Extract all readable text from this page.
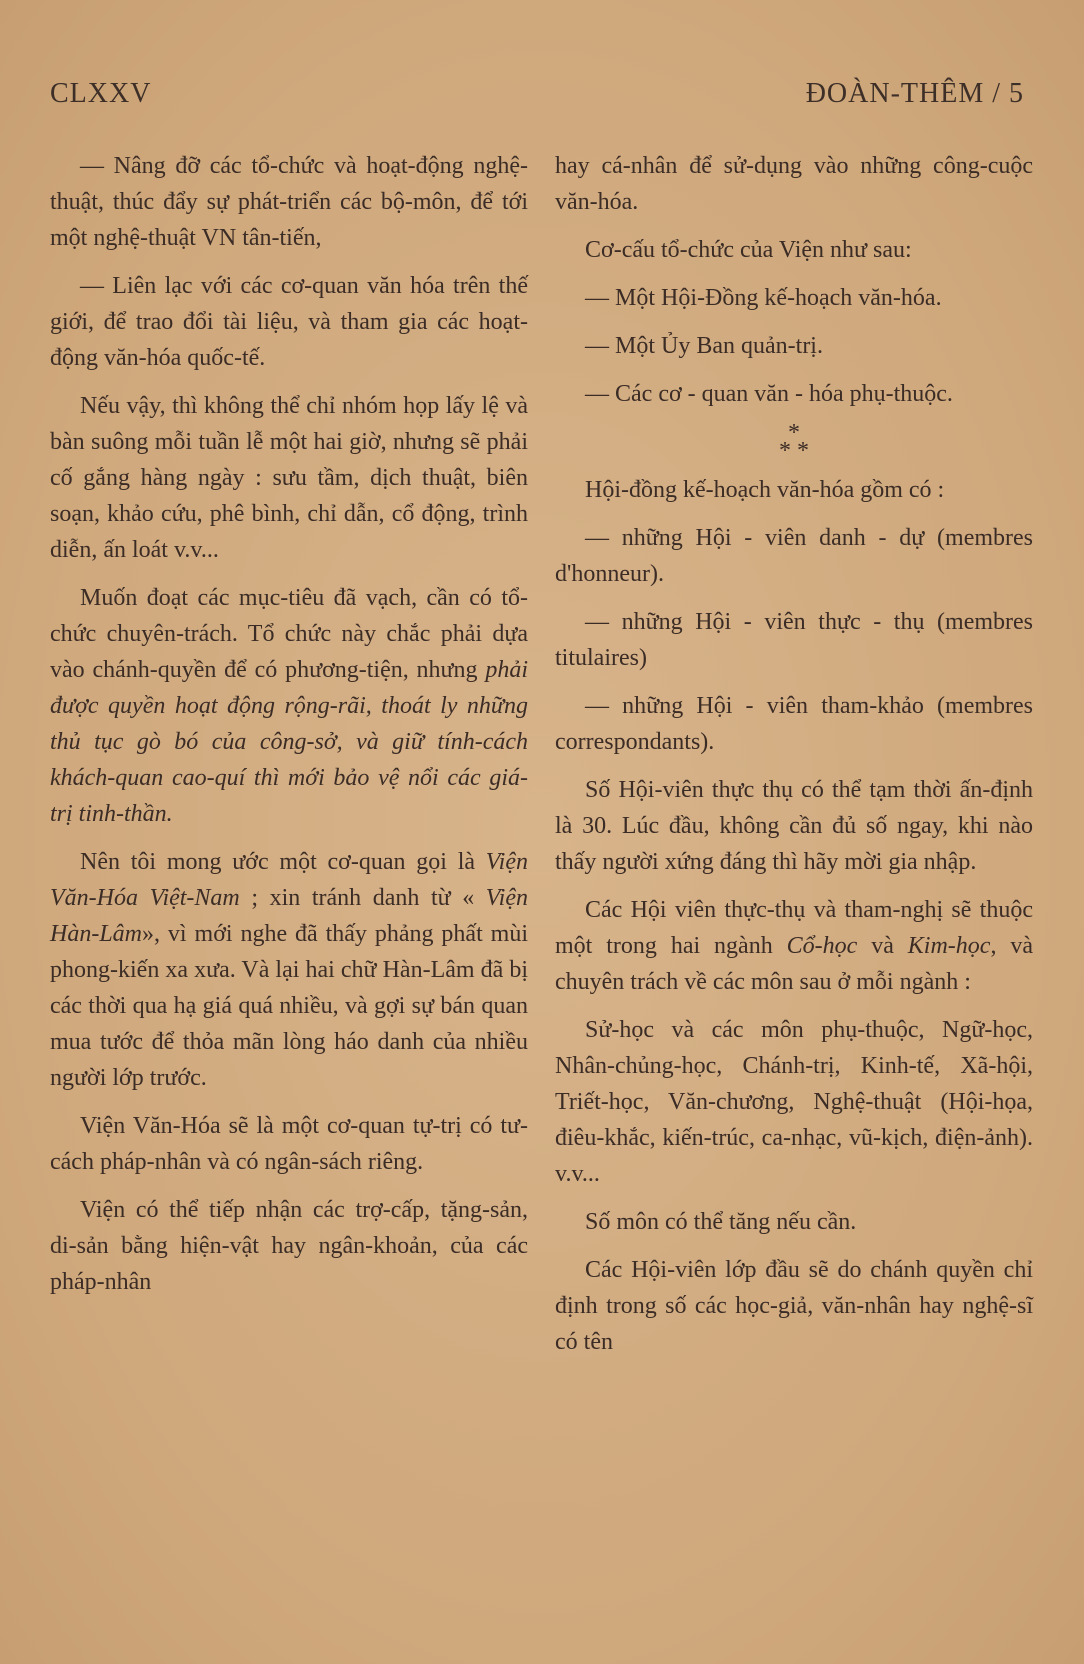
CLXXV	ĐOÀN-THÊM / 5

— Nâng đỡ các tổ-chức và hoạt-động nghệ-thuật, thúc đẩy sự phát-triển các bộ-môn, để tới một nghệ-thuật VN tân-tiến,

— Liên lạc với các cơ-quan văn hóa trên thế giới, để trao đổi tài liệu, và tham gia các hoạt-động văn-hóa quốc-tế.

Nếu vậy, thì không thể chỉ nhóm họp lấy lệ và bàn suông mỗi tuần lễ một hai giờ, nhưng sẽ phải cố gắng hàng ngày : sưu tầm, dịch thuật, biên soạn, khảo cứu, phê bình, chỉ dẫn, cổ động, trình diễn, ấn loát v.v...

Muốn đoạt các mục-tiêu đã vạch, cần có tổ-chức chuyên-trách. Tổ chức này chắc phải dựa vào chánh-quyền để có phương-tiện, nhưng phải được quyền hoạt động rộng-rãi, thoát ly những thủ tục gò bó của công-sở, và giữ tính-cách khách-quan cao-quí thì mới bảo vệ nổi các giá-trị tinh-thần.

Nên tôi mong ước một cơ-quan gọi là Viện Văn-Hóa Việt-Nam ; xin tránh danh từ « Viện Hàn-Lâm», vì mới nghe đã thấy phảng phất mùi phong-kiến xa xưa. Và lại hai chữ Hàn-Lâm đã bị các thời qua hạ giá quá nhiều, và gợi sự bán quan mua tước để thỏa mãn lòng háo danh của nhiều người lớp trước.

Viện Văn-Hóa sẽ là một cơ-quan tự-trị có tư-cách pháp-nhân và có ngân-sách riêng.

Viện có thể tiếp nhận các trợ-cấp, tặng-sản, di-sản bằng hiện-vật hay ngân-khoản, của các pháp-nhân

hay cá-nhân để sử-dụng vào những công-cuộc văn-hóa.

Cơ-cấu tổ-chức của Viện như sau:

— Một Hội-Đồng kế-hoạch văn-hóa.

— Một Ủy Ban quản-trị.

— Các cơ - quan văn - hóa phụ-thuộc.

*
* *

Hội-đồng kế-hoạch văn-hóa gồm có :

— những Hội - viên danh - dự (membres d'honneur).

— những Hội - viên thực - thụ (membres titulaires)

— những Hội - viên tham-khảo (membres correspondants).

Số Hội-viên thực thụ có thể tạm thời ấn-định là 30. Lúc đầu, không cần đủ số ngay, khi nào thấy người xứng đáng thì hãy mời gia nhập.

Các Hội viên thực-thụ và tham-nghị sẽ thuộc một trong hai ngành Cổ-học và Kim-học, và chuyên trách về các môn sau ở mỗi ngành :

Sử-học và các môn phụ-thuộc, Ngữ-học, Nhân-chủng-học, Chánh-trị, Kinh-tế, Xã-hội, Triết-học, Văn-chương, Nghệ-thuật (Hội-họa, điêu-khắc, kiến-trúc, ca-nhạc, vũ-kịch, điện-ảnh). v.v...

Số môn có thể tăng nếu cần.

Các Hội-viên lớp đầu sẽ do chánh quyền chỉ định trong số các học-giả, văn-nhân hay nghệ-sĩ có tên
